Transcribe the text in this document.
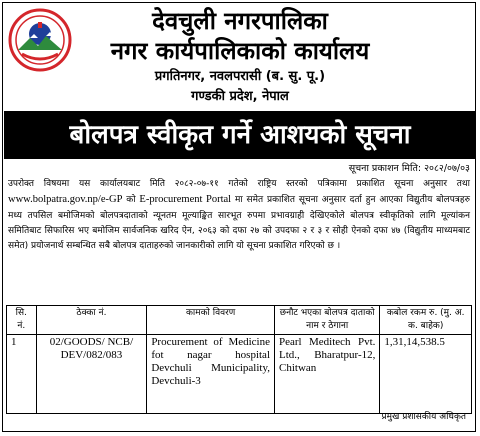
देवचुली नगरपालिका
नगर कार्यपालिकाको कार्यालय
प्रगतिनगर, नवलपरासी (ब. सु. पू.)
गण्डकी प्रदेश, नेपाल
बोलपत्र स्वीकृत गर्ने आशयको सूचना
सूचना प्रकाशन मिति: २०८२/०७/०३
उपरोक्त विषयमा यस कार्यालयबाट मिति २०८२-०७-११ गतेको राष्ट्रिय स्तरको पत्रिकामा प्रकाशित सूचना अनुसार तथा www.bolpatra.gov.np/e-GP को E-procurement Portal मा समेत प्रकाशित सूचना अनुसार दर्ता हुन आएका विद्युतीय बोलपत्रहरु मध्य तपसिल बमोजिमको बोलपत्रदाताको न्यूनतम मूल्याङ्कित सारभूत रुपमा प्रभावग्राही देखिएकोले बोलपत्र स्वीकृतिको लागि मूल्यांकन समितिबाट सिफारिस भए बमोजिम सार्वजनिक खरिद ऐन, २०६३ को दफा २७ को उपदफा २ र ३ र सोही ऐनको दफा ४७ (विद्युतीय माध्यमबाट समेत) प्रयोजनार्थ सम्बन्धित सबै बोलपत्र दाताहरुको जानकारीको लागि यो सूचना प्रकाशित गरिएको छ ।
सि. नं.	ठेक्का नं.	कामको विवरण	छनौट भएका बोलपत्र दाताको नाम र ठेगाना	कबोल रकम रु. (मु. अ. क. बाहेक)
1	02/GOODS/ NCB/ DEV/082/083	Procurement of Medicine fot nagar hospital Devchuli Municipality, Devchuli-3	Pearl Meditech Pvt. Ltd., Bharatpur-12, Chitwan	1,31,14,538.5
प्रमुख प्रशासकीय अधिकृत
